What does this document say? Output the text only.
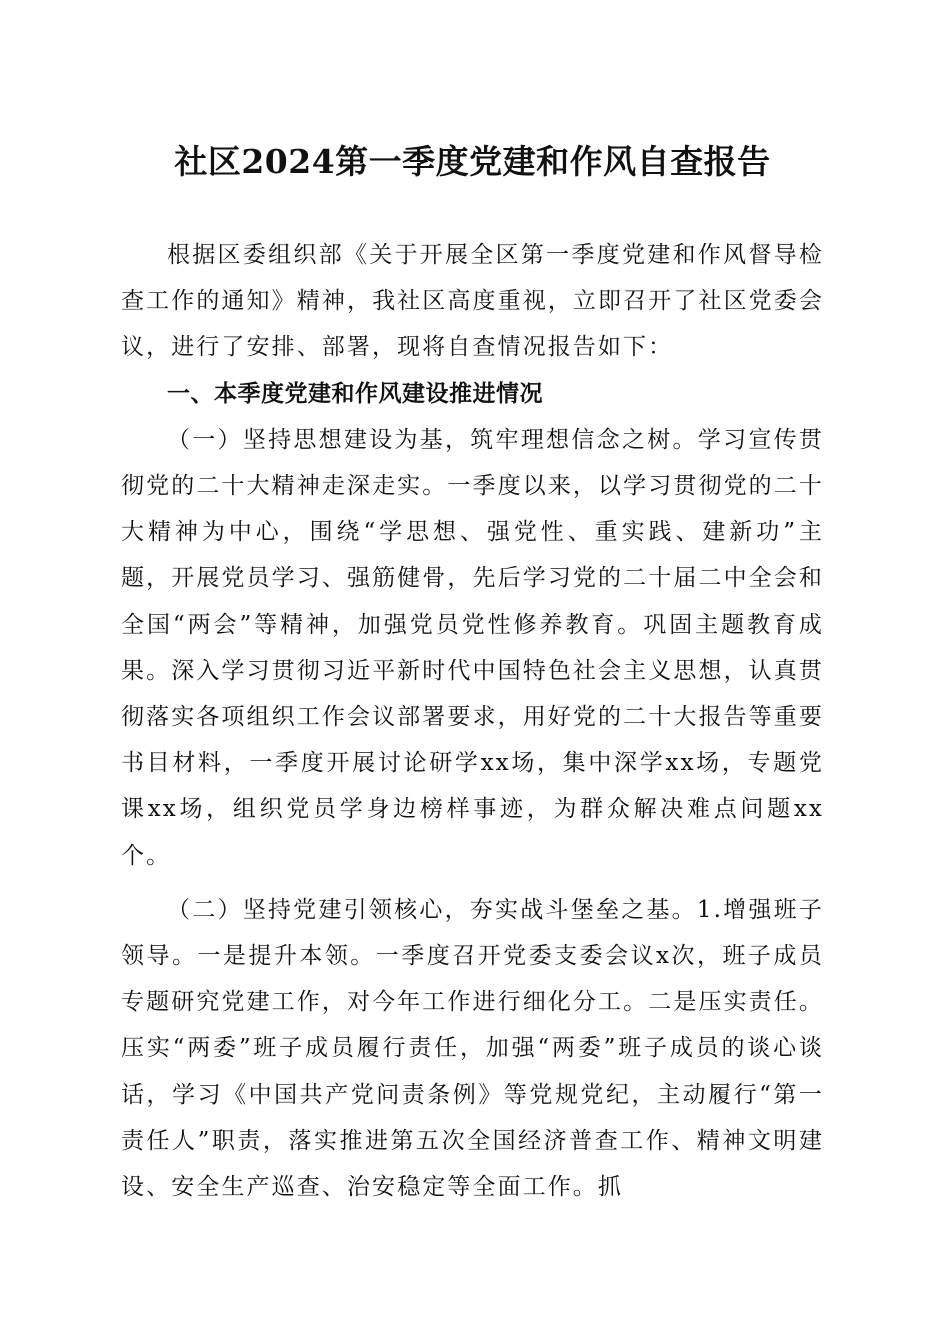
社区2024第一季度党建和作风自查报告

根据区委组织部《关于开展全区第一季度党建和作风督导检查工作的通知》精神，我社区高度重视，立即召开了社区党委会议，进行了安排、部署，现将自查情况报告如下：

一、本季度党建和作风建设推进情况

（一）坚持思想建设为基，筑牢理想信念之树。学习宣传贯彻党的二十大精神走深走实。一季度以来，以学习贯彻党的二十大精神为中心，围绕“学思想、强党性、重实践、建新功”主题，开展党员学习、强筋健骨，先后学习党的二十届二中全会和全国“两会”等精神，加强党员党性修养教育。巩固主题教育成果。深入学习贯彻习近平新时代中国特色社会主义思想，认真贯彻落实各项组织工作会议部署要求，用好党的二十大报告等重要书目材料，一季度开展讨论研学xx场，集中深学xx场，专题党课xx场，组织党员学身边榜样事迹，为群众解决难点问题xx个。

（二）坚持党建引领核心，夯实战斗堡垒之基。1.增强班子领导。一是提升本领。一季度召开党委支委会议x次，班子成员专题研究党建工作，对今年工作进行细化分工。二是压实责任。压实“两委”班子成员履行责任，加强“两委”班子成员的谈心谈话，学习《中国共产党问责条例》等党规党纪，主动履行“第一责任人”职责，落实推进第五次全国经济普查工作、精神文明建设、安全生产巡查、治安稳定等全面工作。抓
